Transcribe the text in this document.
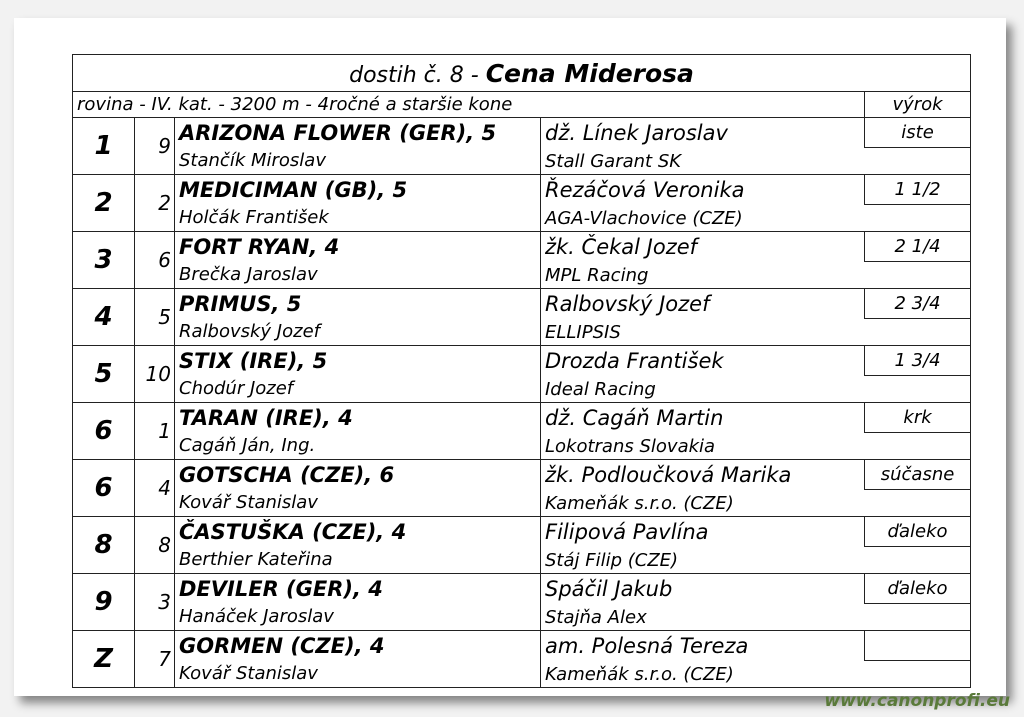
dostih č. 8 - Cena Miderosa				
rovina - IV. kat. - 3200 m - 4ročné a staršie kone				výrok
1	9	ARIZONA FLOWER (GER), 5	dž. Línek Jaroslav	iste
		Stančík Miroslav	Stall Garant SK	
2	2	MEDICIMAN (GB), 5	Řezáčová Veronika	1 1/2
		Holčák František	AGA-Vlachovice (CZE)	
3	6	FORT RYAN, 4	žk. Čekal Jozef	2 1/4
		Brečka Jaroslav	MPL Racing	
4	5	PRIMUS, 5	Ralbovský Jozef	2 3/4
		Ralbovský Jozef	ELLIPSIS	
5	10	STIX (IRE), 5	Drozda František	1 3/4
		Chodúr Jozef	Ideal Racing	
6	1	TARAN (IRE), 4	dž. Cagáň Martin	krk
		Cagáň Ján, Ing.	Lokotrans Slovakia	
6	4	GOTSCHA (CZE), 6	žk. Podloučková Marika	súčasne
		Kovář Stanislav	Kameňák s.r.o. (CZE)	
8	8	ČASTUŠKA (CZE), 4	Filipová Pavlína	ďaleko
		Berthier Kateřina	Stáj Filip (CZE)	
9	3	DEVILER (GER), 4	Spáčil Jakub	ďaleko
		Hanáček Jaroslav	Stajňa Alex	
Z	7	GORMEN (CZE), 4	am. Polesná Tereza	
		Kovář Stanislav	Kameňák s.r.o. (CZE)	
www.canonprofi.eu
